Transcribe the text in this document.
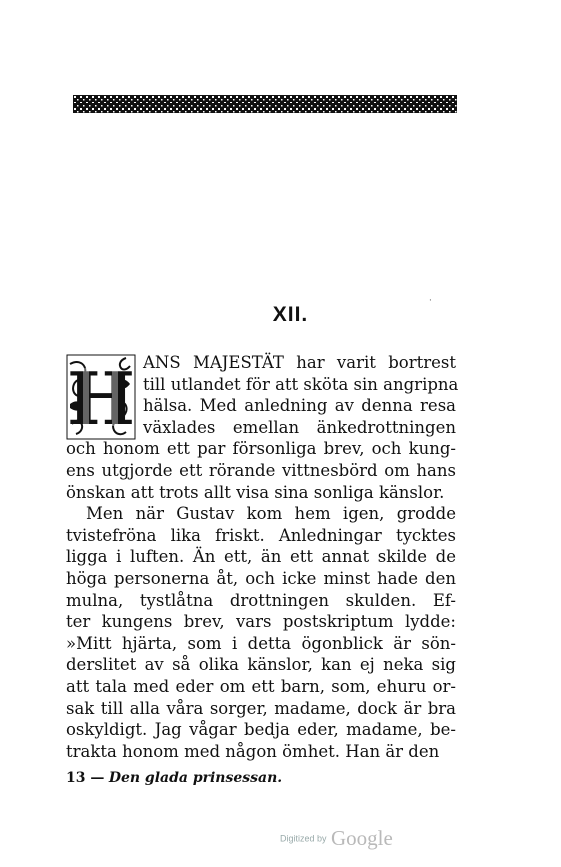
XII.
·
H ANS MAJESTÄT har varit bortrest
till utlandet för att sköta sin angripna
hälsa. Med anledning av denna resa
växlades emellan änkedrottningen
och honom ett par försonliga brev, och kung-
ens utgjorde ett rörande vittnesbörd om hans
önskan att trots allt visa sina sonliga känslor.
Men när Gustav kom hem igen, grodde
tvistefröna lika friskt. Anledningar tycktes
ligga i luften. Än ett, än ett annat skilde de
höga personerna åt, och icke minst hade den
mulna, tystlåtna drottningen skulden. Ef-
ter kungens brev, vars postskriptum lydde:
»Mitt hjärta, som i detta ögonblick är sön-
derslitet av så olika känslor, kan ej neka sig
att tala med eder om ett barn, som, ehuru or-
sak till alla våra sorger, madame, dock är bra
oskyldigt. Jag vågar bedja eder, madame, be-
trakta honom med någon ömhet. Han är den
13 — Den glada prinsessan.
Digitized by Google
